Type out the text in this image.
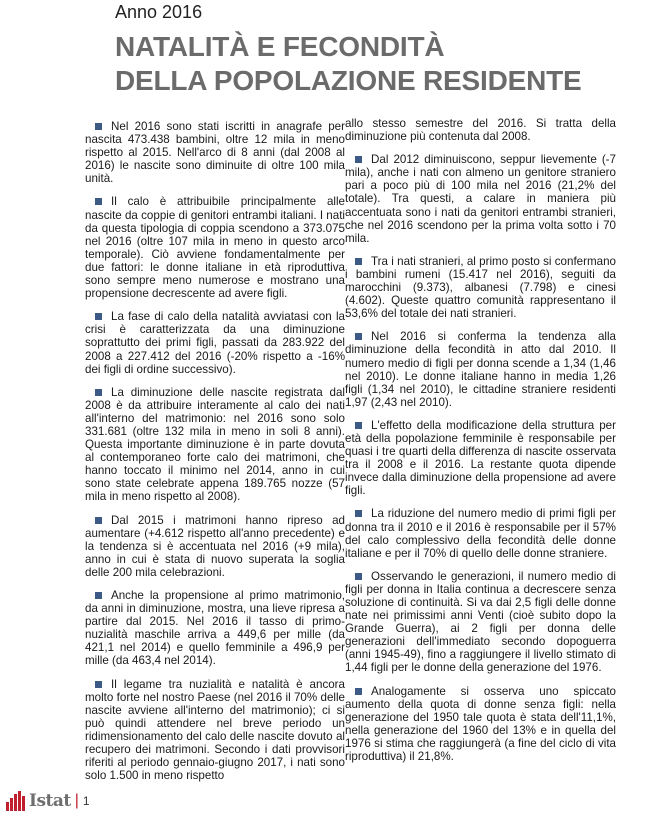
Anno 2016
NATALITÀ E FECONDITÀ
DELLA POPOLAZIONE RESIDENTE

Nel 2016 sono stati iscritti in anagrafe per nascita 473.438 bambini, oltre 12 mila in meno rispetto al 2015. Nell'arco di 8 anni (dal 2008 al 2016) le nascite sono diminuite di oltre 100 mila unità.

Il calo è attribuibile principalmente alle nascite da coppie di genitori entrambi italiani. I nati da questa tipologia di coppia scendono a 373.075 nel 2016 (oltre 107 mila in meno in questo arco temporale). Ciò avviene fondamentalmente per due fattori: le donne italiane in età riproduttiva sono sempre meno numerose e mostrano una propensione decrescente ad avere figli.

La fase di calo della natalità avviatasi con la crisi è caratterizzata da una diminuzione soprattutto dei primi figli, passati da 283.922 del 2008 a 227.412 del 2016 (-20% rispetto a -16% dei figli di ordine successivo).

La diminuzione delle nascite registrata dal 2008 è da attribuire interamente al calo dei nati all'interno del matrimonio: nel 2016 sono solo 331.681 (oltre 132 mila in meno in soli 8 anni). Questa importante diminuzione è in parte dovuta al contemporaneo forte calo dei matrimoni, che hanno toccato il minimo nel 2014, anno in cui sono state celebrate appena 189.765 nozze (57 mila in meno rispetto al 2008).

Dal 2015 i matrimoni hanno ripreso ad aumentare (+4.612 rispetto all'anno precedente) e la tendenza si è accentuata nel 2016 (+9 mila), anno in cui è stata di nuovo superata la soglia delle 200 mila celebrazioni.

Anche la propensione al primo matrimonio, da anni in diminuzione, mostra, una lieve ripresa a partire dal 2015. Nel 2016 il tasso di primo-nuzialità maschile arriva a 449,6 per mille (da 421,1 nel 2014) e quello femminile a 496,9 per mille (da 463,4 nel 2014).

Il legame tra nuzialità e natalità è ancora molto forte nel nostro Paese (nel 2016 il 70% delle nascite avviene all'interno del matrimonio); ci si può quindi attendere nel breve periodo un ridimensionamento del calo delle nascite dovuto al recupero dei matrimoni. Secondo i dati provvisori riferiti al periodo gennaio-giugno 2017, i nati sono solo 1.500 in meno rispetto

allo stesso semestre del 2016. Si tratta della diminuzione più contenuta dal 2008.

Dal 2012 diminuiscono, seppur lievemente (-7 mila), anche i nati con almeno un genitore straniero pari a poco più di 100 mila nel 2016 (21,2% del totale). Tra questi, a calare in maniera più accentuata sono i nati da genitori entrambi stranieri, che nel 2016 scendono per la prima volta sotto i 70 mila.

Tra i nati stranieri, al primo posto si confermano i bambini rumeni (15.417 nel 2016), seguiti da marocchini (9.373), albanesi (7.798) e cinesi (4.602). Queste quattro comunità rappresentano il 53,6% del totale dei nati stranieri.

Nel 2016 si conferma la tendenza alla diminuzione della fecondità in atto dal 2010. Il numero medio di figli per donna scende a 1,34 (1,46 nel 2010). Le donne italiane hanno in media 1,26 figli (1,34 nel 2010), le cittadine straniere residenti 1,97 (2,43 nel 2010).

L'effetto della modificazione della struttura per età della popolazione femminile è responsabile per quasi i tre quarti della differenza di nascite osservata tra il 2008 e il 2016. La restante quota dipende invece dalla diminuzione della propensione ad avere figli.

La riduzione del numero medio di primi figli per donna tra il 2010 e il 2016 è responsabile per il 57% del calo complessivo della fecondità delle donne italiane e per il 70% di quello delle donne straniere.

Osservando le generazioni, il numero medio di figli per donna in Italia continua a decrescere senza soluzione di continuità. Si va dai 2,5 figli delle donne nate nei primissimi anni Venti (cioè subito dopo la Grande Guerra), ai 2 figli per donna delle generazioni dell'immediato secondo dopoguerra (anni 1945-49), fino a raggiungere il livello stimato di 1,44 figli per le donne della generazione del 1976.

Analogamente si osserva uno spiccato aumento della quota di donne senza figli: nella generazione del 1950 tale quota è stata dell'11,1%, nella generazione del 1960 del 13% e in quella del 1976 si stima che raggiungerà (a fine del ciclo di vita riproduttiva) il 21,8%.

Istat | 1
